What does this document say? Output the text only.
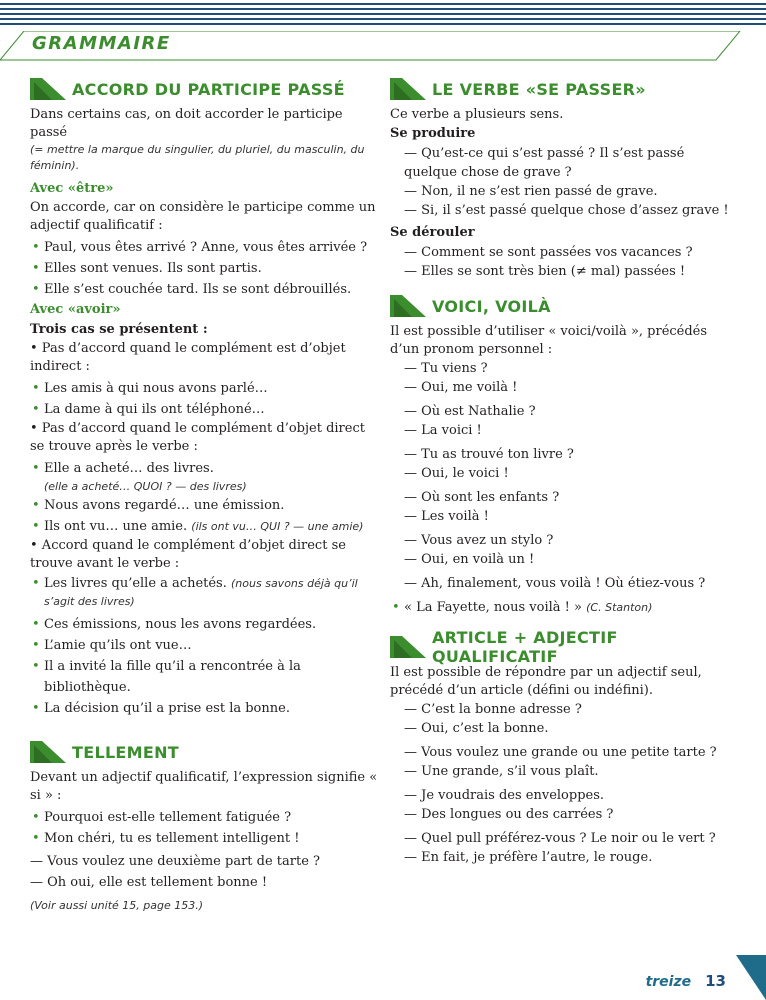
GRAMMAIRE
ACCORD DU PARTICIPE PASSÉ

Dans certains cas, on doit accorder le participe passé

(= mettre la marque du singulier, du pluriel, du masculin, du féminin).

Avec «être»

On accorde, car on considère le participe comme un adjectif qualificatif :

• Paul, vous êtes arrivé ? Anne, vous êtes arrivée ?
• Elles sont venues. Ils sont partis.
• Elle s’est couchée tard. Ils se sont débrouillés.
Avec «avoir»
Trois cas se présentent :

• Pas d’accord quand le complément est d’objet indirect :

• Les amis à qui nous avons parlé…
• La dame à qui ils ont téléphoné…

• Pas d’accord quand le complément d’objet direct se trouve après le verbe :

• Elle a acheté… des livres.
(elle a acheté… QUOI ? — des livres)
• Nous avons regardé… une émission.
• Ils ont vu… une amie. (ils ont vu… QUI ? — une amie)

• Accord quand le complément d’objet direct se trouve avant le verbe :

• Les livres qu’elle a achetés. (nous savons déjà qu’il s’agit des livres)
• Ces émissions, nous les avons regardées.
• L’amie qu’ils ont vue…
• Il a invité la fille qu’il a rencontrée à la bibliothèque.
• La décision qu’il a prise est la bonne.
TELLEMENT

Devant un adjectif qualificatif, l’expression signifie « si » :

• Pourquoi est-elle tellement fatiguée ?
• Mon chéri, tu es tellement intelligent !
— Vous voulez une deuxième part de tarte ?
— Oh oui, elle est tellement bonne !
(Voir aussi unité 15, page 153.)
LE VERBE «SE PASSER»

Ce verbe a plusieurs sens.

Se produire
— Qu’est-ce qui s’est passé ? Il s’est passé quelque chose de grave ?
— Non, il ne s’est rien passé de grave.
— Si, il s’est passé quelque chose d’assez grave !
Se dérouler
— Comment se sont passées vos vacances ?
— Elles se sont très bien (≠ mal) passées !
VOICI, VOILÀ

Il est possible d’utiliser « voici/voilà », précédés d’un pronom personnel :

— Tu viens ?
— Oui, me voilà !
— Où est Nathalie ?
— La voici !
— Tu as trouvé ton livre ?
— Oui, le voici !
— Où sont les enfants ?
— Les voilà !
— Vous avez un stylo ?
— Oui, en voilà un !
— Ah, finalement, vous voilà ! Où étiez-vous ?
• « La Fayette, nous voilà ! » (C. Stanton)
ARTICLE + ADJECTIF QUALIFICATIF

Il est possible de répondre par un adjectif seul, précédé d’un article (défini ou indéfini).

— C’est la bonne adresse ?
— Oui, c’est la bonne.
— Vous voulez une grande ou une petite tarte ?
— Une grande, s’il vous plaît.
— Je voudrais des enveloppes.
— Des longues ou des carrées ?
— Quel pull préférez-vous ? Le noir ou le vert ?
— En fait, je préfère l’autre, le rouge.
treize 13
